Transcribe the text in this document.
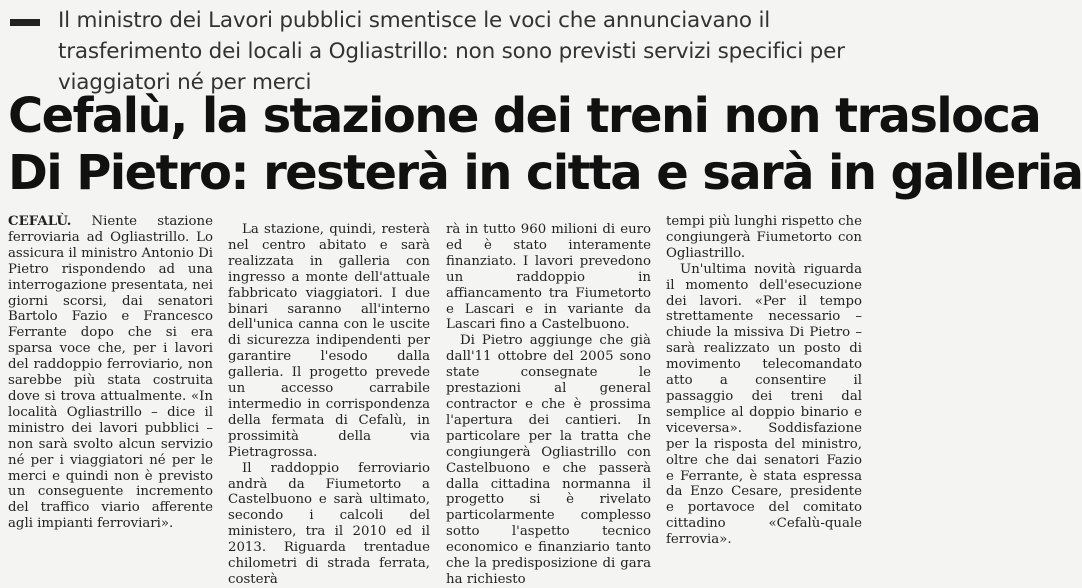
Il ministro dei Lavori pubblici smentisce le voci che annunciavano il trasferimento dei locali a Ogliastrillo: non sono previsti servizi specifici per viaggiatori né per merci
Cefalù, la stazione dei treni non trasloca
Di Pietro: resterà in citta e sarà in galleria

CEFALÙ. Niente stazione ferroviaria ad Ogliastrillo. Lo assicura il ministro Antonio Di Pietro rispondendo ad una interrogazione presentata, nei giorni scorsi, dai senatori Bartolo Fazio e Francesco Ferrante dopo che si era sparsa voce che, per i lavori del raddoppio ferroviario, non sarebbe più stata costruita dove si trova attualmente. «In località Ogliastrillo – dice il ministro dei lavori pubblici – non sarà svolto alcun servizio né per i viaggiatori né per le merci e quindi non è previsto un conseguente incremento del traffico viario afferente agli impianti ferroviari».

La stazione, quindi, resterà nel centro abitato e sarà realizzata in galleria con ingresso a monte dell'attuale fabbricato viaggiatori. I due binari saranno all'interno dell'unica canna con le uscite di sicurezza indipendenti per garantire l'esodo dalla galleria. Il progetto prevede un accesso carrabile intermedio in corrispondenza della fermata di Cefalù, in prossimità della via Pietragrossa.

Il raddoppio ferroviario andrà da Fiumetorto a Castelbuono e sarà ultimato, secondo i calcoli del ministero, tra il 2010 ed il 2013. Riguarda trentadue chilometri di strada ferrata, costerà

rà in tutto 960 milioni di euro ed è stato interamente finanziato. I lavori prevedono un raddoppio in affiancamento tra Fiumetorto e Lascari e in variante da Lascari fino a Castelbuono.

Di Pietro aggiunge che già dall'11 ottobre del 2005 sono state consegnate le prestazioni al general contractor e che è prossima l'apertura dei cantieri. In particolare per la tratta che congiungerà Ogliastrillo con Castelbuono e che passerà dalla cittadina normanna il progetto si è rivelato particolarmente complesso sotto l'aspetto tecnico economico e finanziario tanto che la predisposizione di gara ha richiesto

tempi più lunghi rispetto che congiungerà Fiumetorto con Ogliastrillo.

Un'ultima novità riguarda il momento dell'esecuzione dei lavori. «Per il tempo strettamente necessario – chiude la missiva Di Pietro – sarà realizzato un posto di movimento telecomandato atto a consentire il passaggio dei treni dal semplice al doppio binario e viceversa». Soddisfazione per la risposta del ministro, oltre che dai senatori Fazio e Ferrante, è stata espressa da Enzo Cesare, presidente e portavoce del comitato cittadino «Cefalù-quale ferrovia».
